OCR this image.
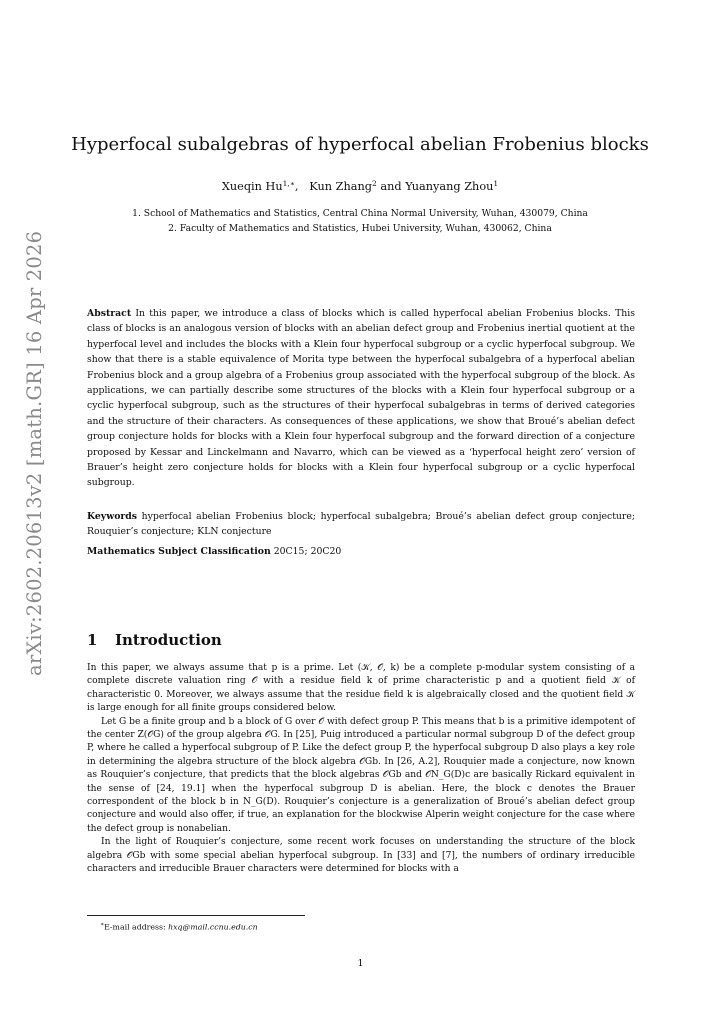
arXiv:2602.20613v2 [math.GR] 16 Apr 2026
Hyperfocal subalgebras of hyperfocal abelian Frobenius blocks
Xueqin $Hu^{1,∗}$,   Kun Zhang$^2$ and Yuanyang Zhou$^1$
1. School of Mathematics and Statistics, Central China Normal University, Wuhan, 430079, China
2. Faculty of Mathematics and Statistics, Hubei University, Wuhan, 430062, China
Abstract In this paper, we introduce a class of blocks which is called hyperfocal abelian Frobenius blocks. This class of blocks is an analogous version of blocks with an abelian defect group and Frobenius inertial quotient at the hyperfocal level and includes the blocks with a Klein four hyperfocal subgroup or a cyclic hyperfocal subgroup. We show that there is a stable equivalence of Morita type between the hyperfocal subalgebra of a hyperfocal abelian Frobenius block and a group algebra of a Frobenius group associated with the hyperfocal subgroup of the block. As applications, we can partially describe some structures of the blocks with a Klein four hyperfocal subgroup or a cyclic hyperfocal subgroup, such as the structures of their hyperfocal subalgebras in terms of derived categories and the structure of their characters. As consequences of these applications, we show that Broué’s abelian defect group conjecture holds for blocks with a Klein four hyperfocal subgroup and the forward direction of a conjecture proposed by Kessar and Linckelmann and Navarro, which can be viewed as a ‘hyperfocal height zero’ version of Brauer’s height zero conjecture holds for blocks with a Klein four hyperfocal subgroup or a cyclic hyperfocal subgroup.
Keywords hyperfocal abelian Frobenius block; hyperfocal subalgebra; Broué’s abelian defect group conjecture; Rouquier’s conjecture; KLN conjecture
Mathematics Subject Classification 20C15; 20C20
1 Introduction

In this paper, we always assume that p is a prime. Let (𝒦, 𝒪, k) be a complete p-modular system consisting of a complete discrete valuation ring 𝒪 with a residue field k of prime characteristic p and a quotient field 𝒦 of characteristic 0. Moreover, we always assume that the residue field k is algebraically closed and the quotient field 𝒦 is large enough for all finite groups considered below.

Let G be a finite group and b a block of G over 𝒪 with defect group P. This means that b is a primitive idempotent of the center Z(𝒪G) of the group algebra 𝒪G. In [25], Puig introduced a particular normal subgroup D of the defect group P, where he called a hyperfocal subgroup of P. Like the defect group P, the hyperfocal subgroup D also plays a key role in determining the algebra structure of the block algebra 𝒪Gb. In [26, A.2], Rouquier made a conjecture, now known as Rouquier’s conjecture, that predicts that the block algebras 𝒪Gb and 𝒪N_G(D)c are basically Rickard equivalent in the sense of [24, 19.1] when the hyperfocal subgroup D is abelian. Here, the block c denotes the Brauer correspondent of the block b in N_G(D). Rouquier’s conjecture is a generalization of Broué’s abelian defect group conjecture and would also offer, if true, an explanation for the blockwise Alperin weight conjecture for the case where the defect group is nonabelian.

In the light of Rouquier’s conjecture, some recent work focuses on understanding the structure of the block algebra 𝒪Gb with some special abelian hyperfocal subgroup. In [33] and [7], the numbers of ordinary irreducible characters and irreducible Brauer characters were determined for blocks with a

∗E-mail address: hxq@mail.ccnu.edu.cn
1
